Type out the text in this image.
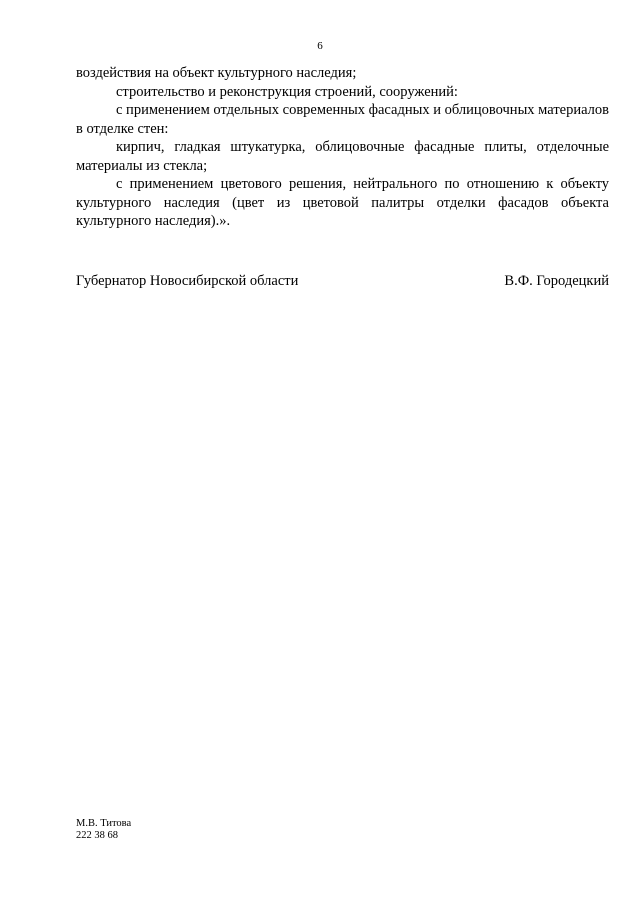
6

воздействия на объект культурного наследия;

строительство и реконструкция строений, сооружений:

с применением отдельных современных фасадных и облицовочных материалов в отделке стен:

кирпич, гладкая штукатурка, облицовочные фасадные плиты, отделочные материалы из стекла;

с применением цветового решения, нейтрального по отношению к объекту культурного наследия (цвет из цветовой палитры отделки фасадов объекта культурного наследия).».

Губернатор Новосибирской области	В.Ф. Городецкий
М.В. Титова
222 38 68
